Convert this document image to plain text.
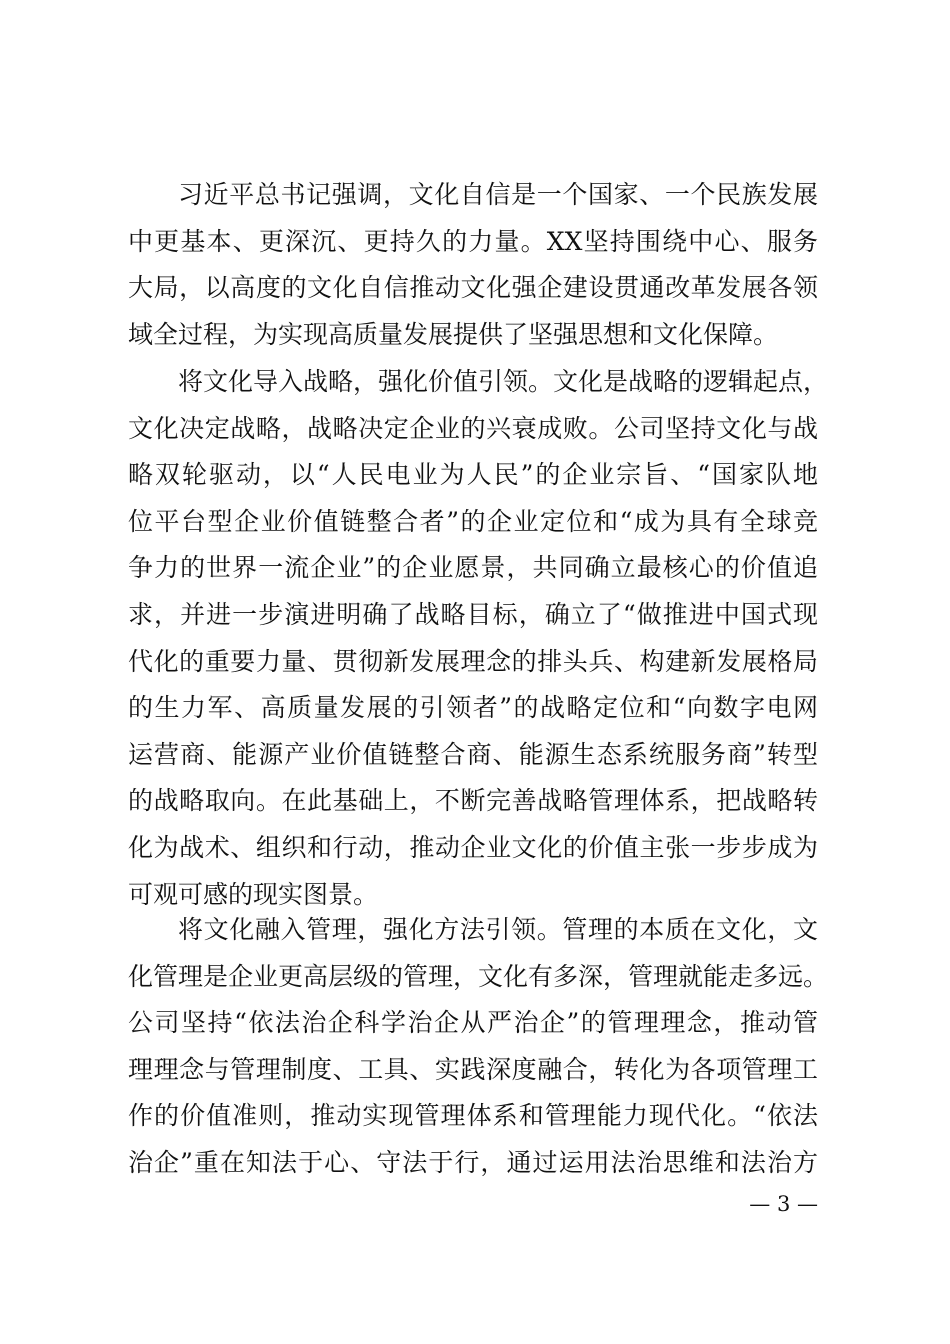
习近平总书记强调，文化自信是一个国家、一个民族发展
中更基本、更深沉、更持久的力量。XX坚持围绕中心、服务
大局，以高度的文化自信推动文化强企建设贯通改革发展各领
域全过程，为实现高质量发展提供了坚强思想和文化保障。
将文化导入战略，强化价值引领。文化是战略的逻辑起点，
文化决定战略，战略决定企业的兴衰成败。公司坚持文化与战
略双轮驱动，以“人民电业为人民”的企业宗旨、“国家队地
位平台型企业价值链整合者”的企业定位和“成为具有全球竞
争力的世界一流企业”的企业愿景，共同确立最核心的价值追
求，并进一步演进明确了战略目标，确立了“做推进中国式现
代化的重要力量、贯彻新发展理念的排头兵、构建新发展格局
的生力军、高质量发展的引领者”的战略定位和“向数字电网
运营商、能源产业价值链整合商、能源生态系统服务商”转型
的战略取向。在此基础上，不断完善战略管理体系，把战略转
化为战术、组织和行动，推动企业文化的价值主张一步步成为
可观可感的现实图景。
将文化融入管理，强化方法引领。管理的本质在文化，文
化管理是企业更高层级的管理，文化有多深，管理就能走多远。
公司坚持“依法治企科学治企从严治企”的管理理念，推动管
理理念与管理制度、工具、实践深度融合，转化为各项管理工
作的价值准则，推动实现管理体系和管理能力现代化。“依法
治企”重在知法于心、守法于行，通过运用法治思维和法治方
— 3 —
